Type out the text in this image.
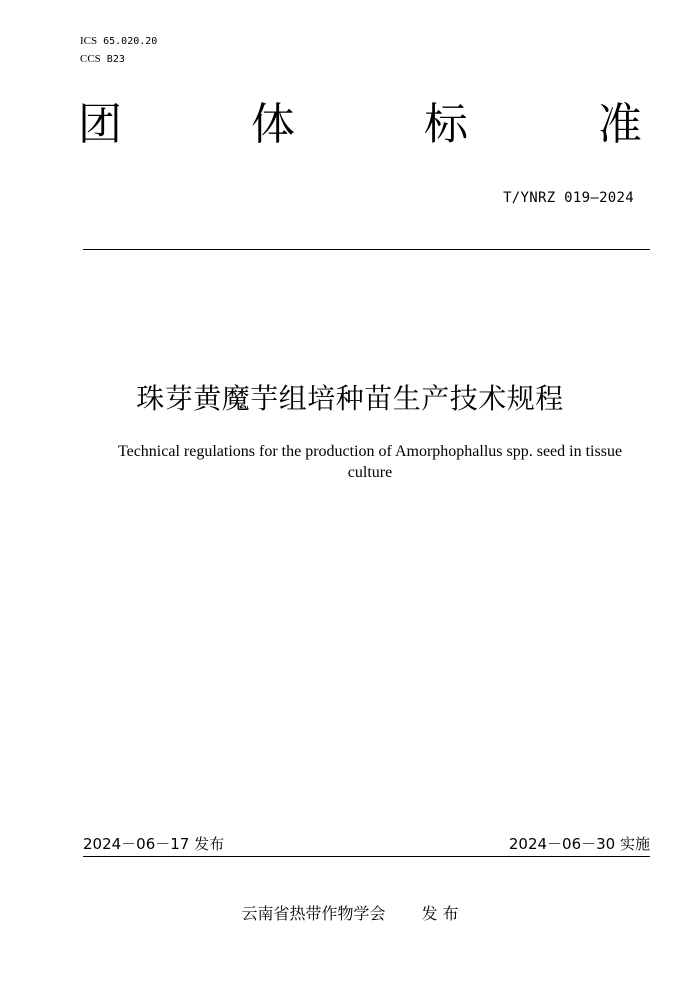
ICS 65.020.20
CCS B23
团	体	标	准
T/YNRZ 019—2024
珠芽黄魔芋组培种苗生产技术规程
Technical regulations for the production of Amorphophallus spp. seed in tissue culture
2024－06－17 发布	2024－06－30 实施
云南省热带作物学会 发 布
